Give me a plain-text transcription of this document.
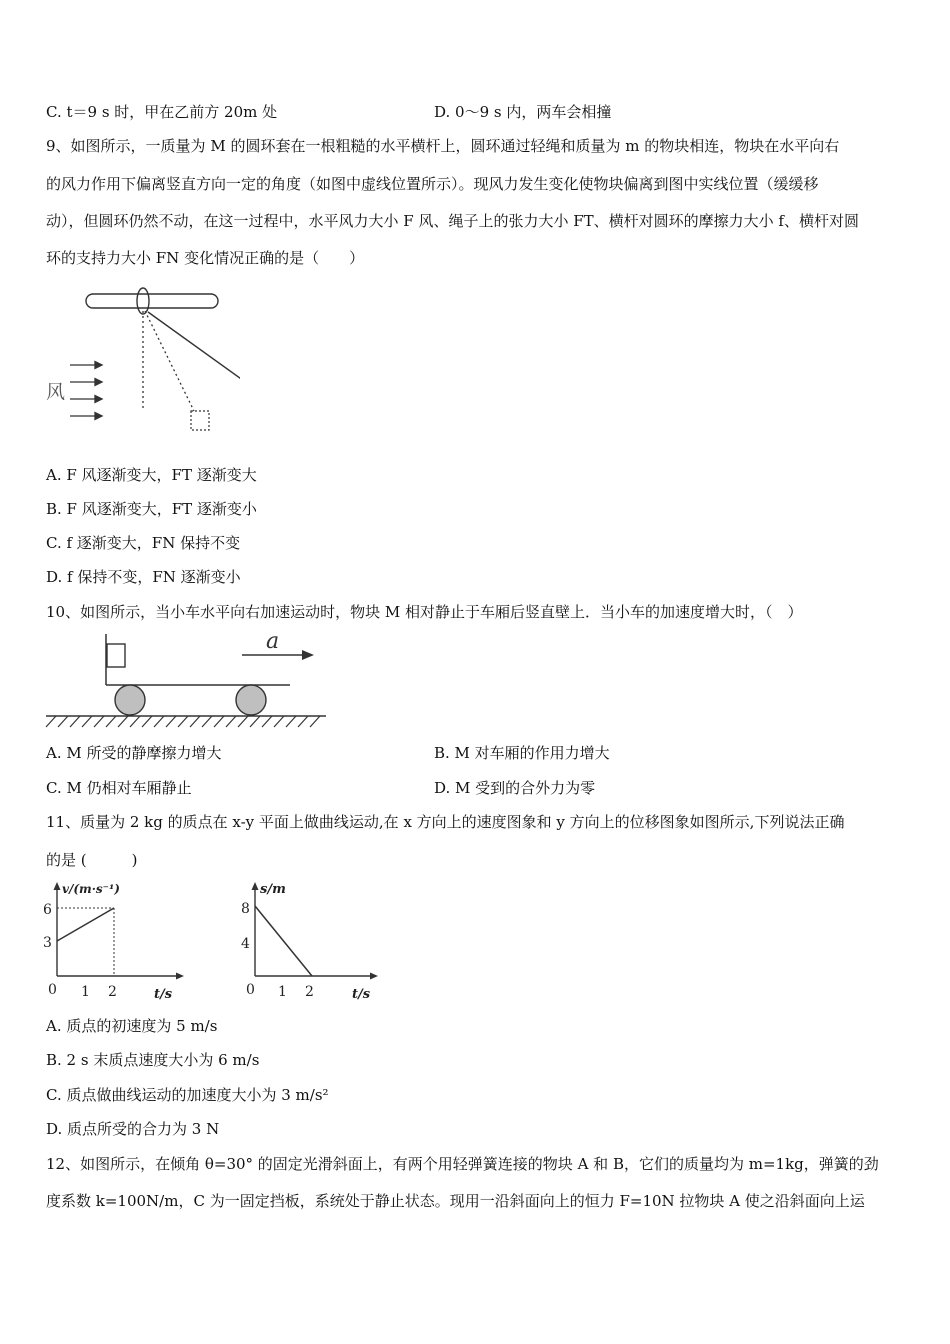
C. t＝9 s 时，甲在乙前方 20m 处	D. 0～9 s 内，两车会相撞
9、如图所示，一质量为 M 的圆环套在一根粗糙的水平横杆上，圆环通过轻绳和质量为 m 的物块相连，物块在水平向右
的风力作用下偏离竖直方向一定的角度（如图中虚线位置所示）。现风力发生变化使物块偏离到图中实线位置（缓缓移
动），但圆环仍然不动，在这一过程中，水平风力大小 F 风、绳子上的张力大小 FT、横杆对圆环的摩擦力大小 f、横杆对圆
环的支持力大小 FN 变化情况正确的是（　　）
风
A. F 风逐渐变大，FT 逐渐变大
B. F 风逐渐变大，FT 逐渐变小
C. f 逐渐变大，FN 保持不变
D. f 保持不变，FN 逐渐变小
10、如图所示，当小车水平向右加速运动时，物块 M 相对静止于车厢后竖直壁上．当小车的加速度增大时，（　）
a
A. M 所受的静摩擦力增大	B. M 对车厢的作用力增大
C. M 仍相对车厢静止	D. M 受到的合外力为零
11、质量为 2 kg 的质点在 x-y 平面上做曲线运动,在 x 方向上的速度图象和 y 方向上的位移图象如图所示,下列说法正确
的是 (　　　)
v/(m·s⁻¹)
6
3
0 1 2	t/s
s/m
8
4
0 1 2	t/s
A. 质点的初速度为 5 m/s
B. 2 s 末质点速度大小为 6 m/s
C. 质点做曲线运动的加速度大小为 3 m/s²
D. 质点所受的合力为 3 N
12、如图所示，在倾角 θ=30° 的固定光滑斜面上，有两个用轻弹簧连接的物块 A 和 B，它们的质量均为 m=1kg，弹簧的劲
度系数 k=100N/m，C 为一固定挡板，系统处于静止状态。现用一沿斜面向上的恒力 F=10N 拉物块 A 使之沿斜面向上运
